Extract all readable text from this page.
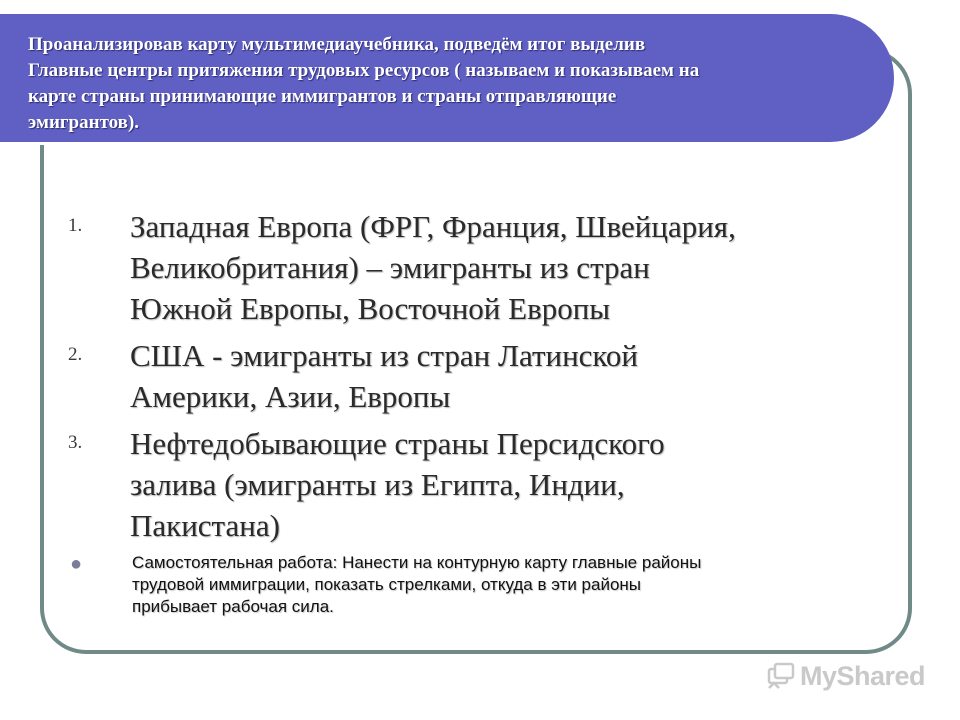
Проанализировав карту мультимедиаучебника, подведём итог выделив
Главные центры притяжения трудовых ресурсов ( называем и показываем на
карте страны принимающие иммигрантов и страны отправляющие
эмигрантов).

1.	Западная Европа (ФРГ, Франция, Швейцария,
Великобритания) – эмигранты из стран
Южной Европы, Восточной Европы
2.	США - эмигранты из стран Латинской
Америки, Азии, Европы
3.	Нефтедобывающие страны Персидского
залива (эмигранты из Египта, Индии,
Пакистана)
●	Самостоятельная работа: Нанести на контурную карту главные районы
трудовой иммиграции, показать стрелками, откуда в эти районы
прибывает рабочая сила.
MyShared
